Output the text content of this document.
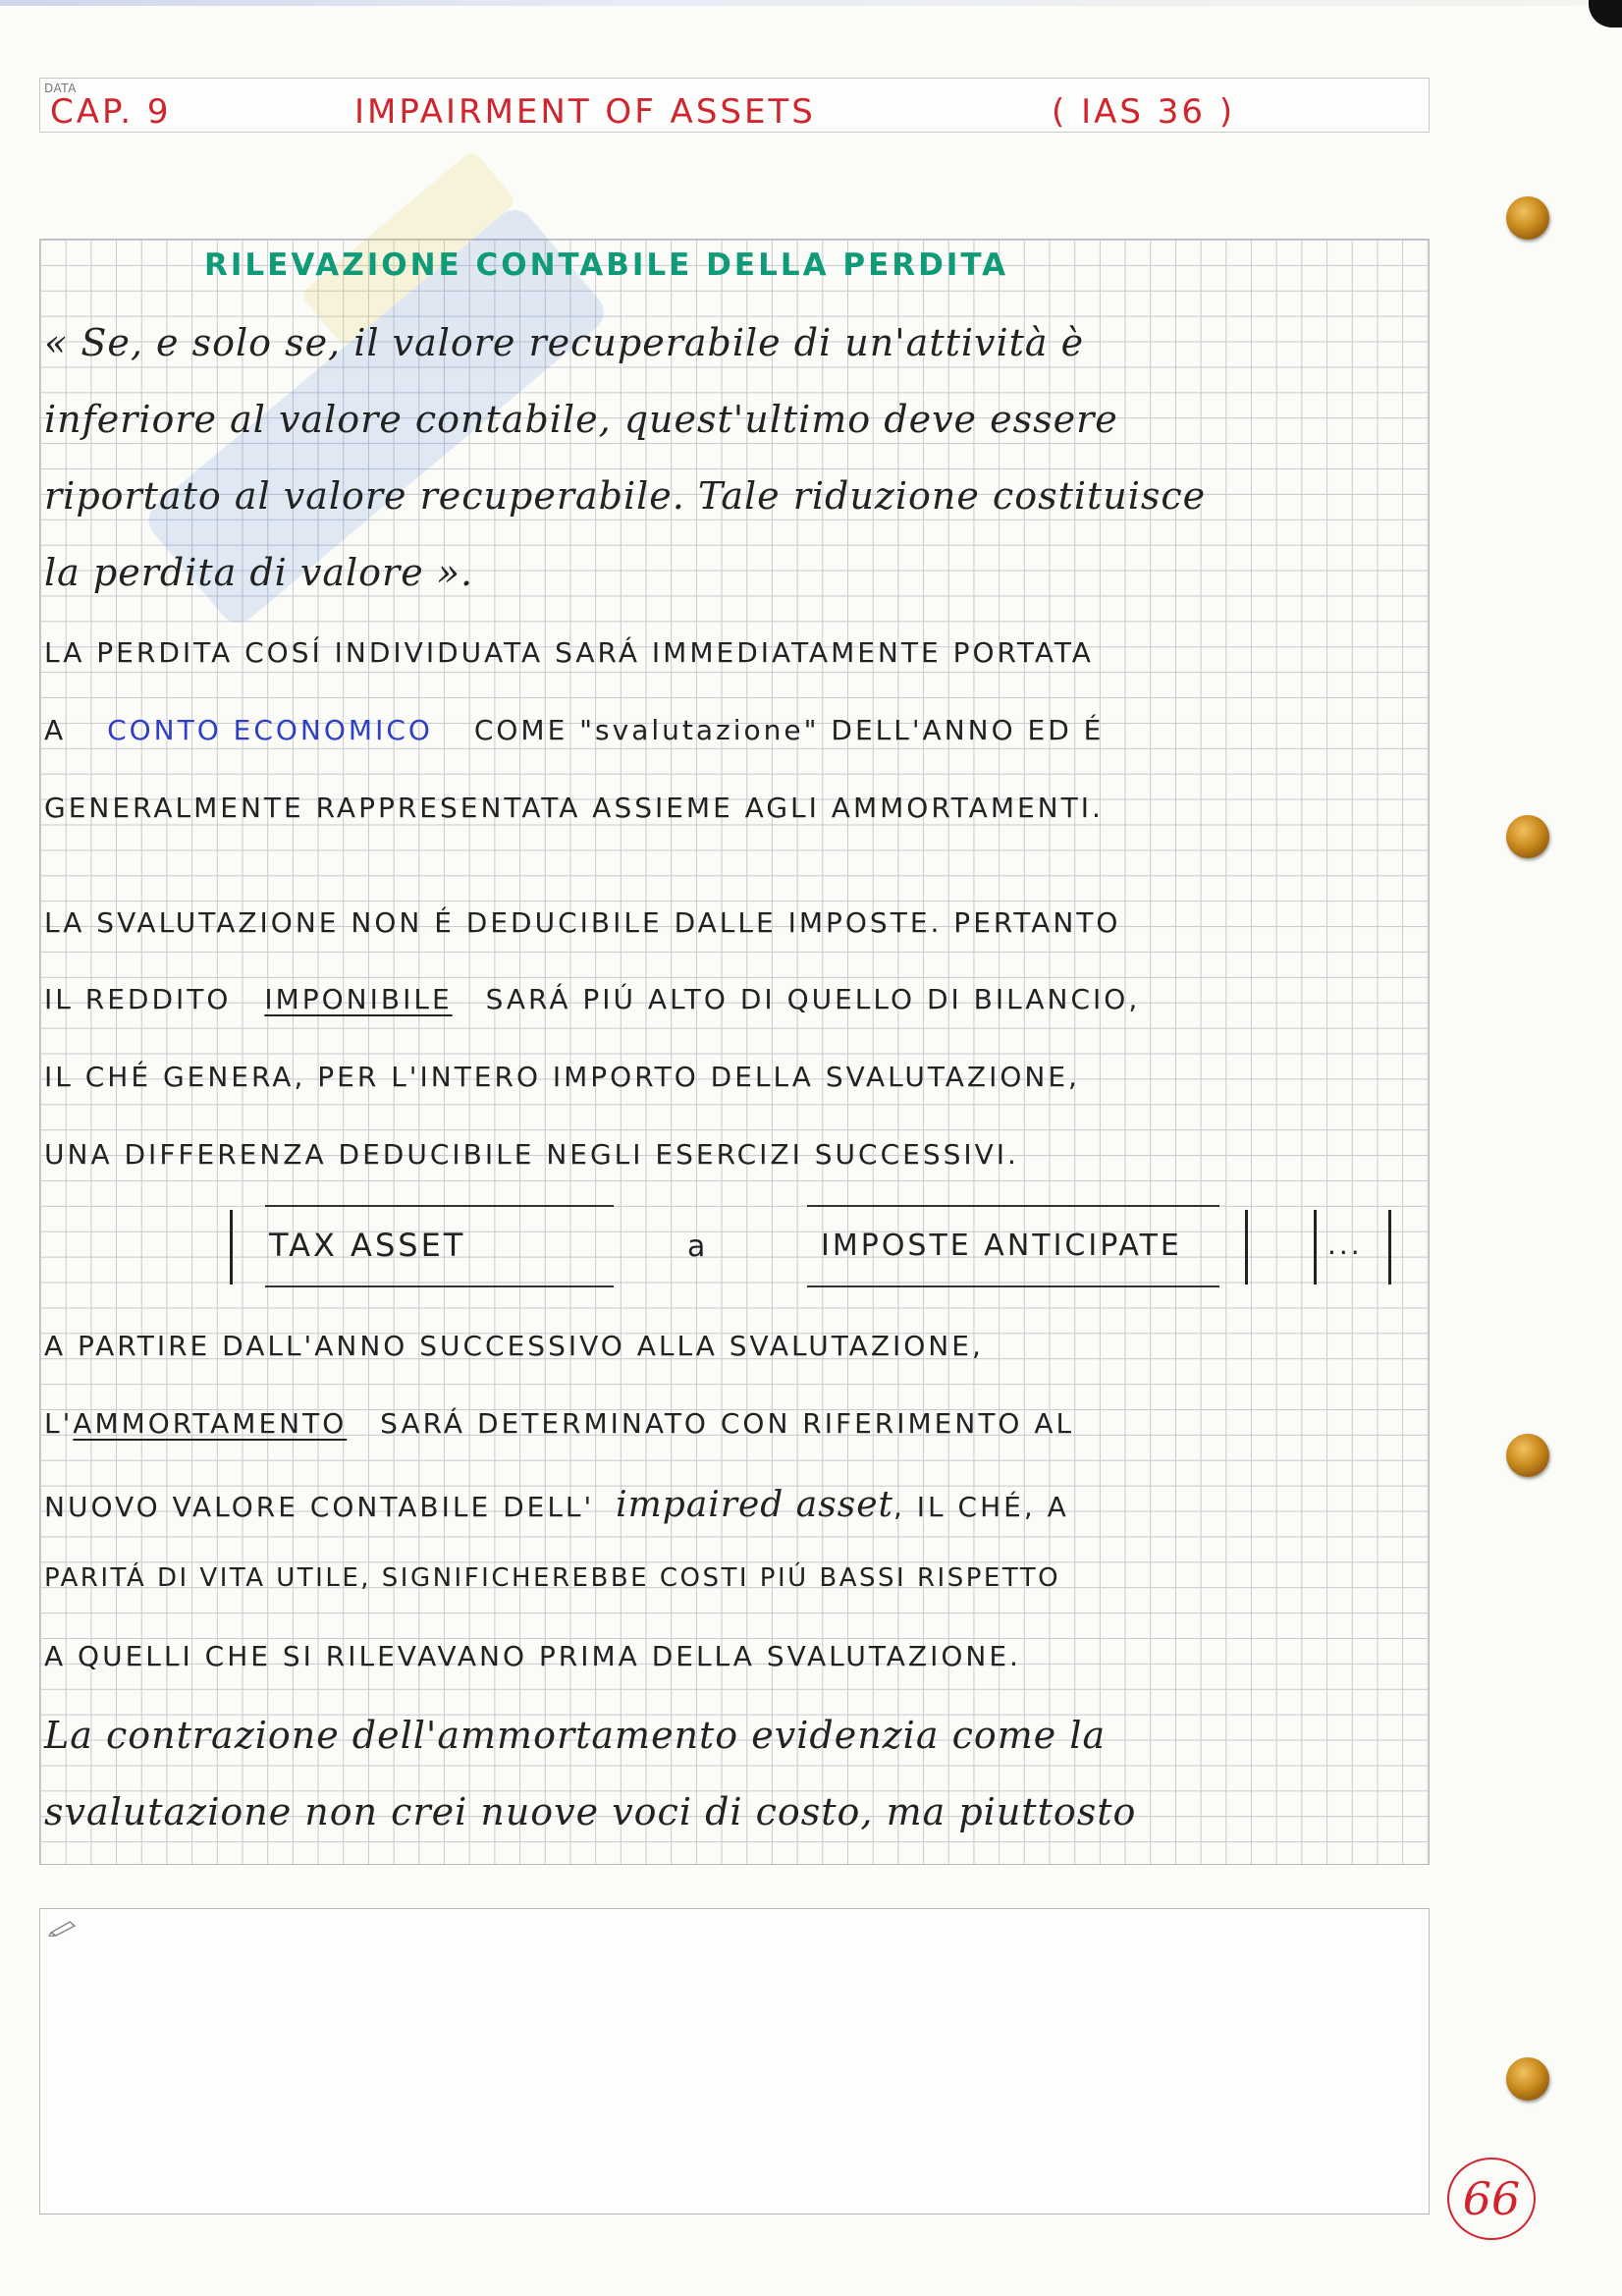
DATA
CAP. 9	IMPAIRMENT OF ASSETS	( IAS 36 )
RILEVAZIONE CONTABILE DELLA PERDITA
« Se, e solo se, il valore recuperabile di un'attività è
inferiore al valore contabile, quest'ultimo deve essere
riportato al valore recuperabile. Tale riduzione costituisce
la perdita di valore ».
LA PERDITA COSÍ INDIVIDUATA SARÁ IMMEDIATAMENTE PORTATA
A CONTO ECONOMICO COME "svalutazione" DELL'ANNO ED É
GENERALMENTE RAPPRESENTATA ASSIEME AGLI AMMORTAMENTI.
LA SVALUTAZIONE NON É DEDUCIBILE DALLE IMPOSTE. PERTANTO
IL REDDITO IMPONIBILE SARÁ PIÚ ALTO DI QUELLO DI BILANCIO,
IL CHÉ GENERA, PER L'INTERO IMPORTO DELLA SVALUTAZIONE,
UNA DIFFERENZA DEDUCIBILE NEGLI ESERCIZI SUCCESSIVI.
TAX ASSET	a	IMPOSTE ANTICIPATE	...
A PARTIRE DALL'ANNO SUCCESSIVO ALLA SVALUTAZIONE,
L'AMMORTAMENTO SARÁ DETERMINATO CON RIFERIMENTO AL
NUOVO VALORE CONTABILE DELL' impaired asset, IL CHÉ, A
PARITÁ DI VITA UTILE, SIGNIFICHEREBBE COSTI PIÚ BASSI RISPETTO
A QUELLI CHE SI RILEVAVANO PRIMA DELLA SVALUTAZIONE.
La contrazione dell'ammortamento evidenzia come la
svalutazione non crei nuove voci di costo, ma piuttosto
66
